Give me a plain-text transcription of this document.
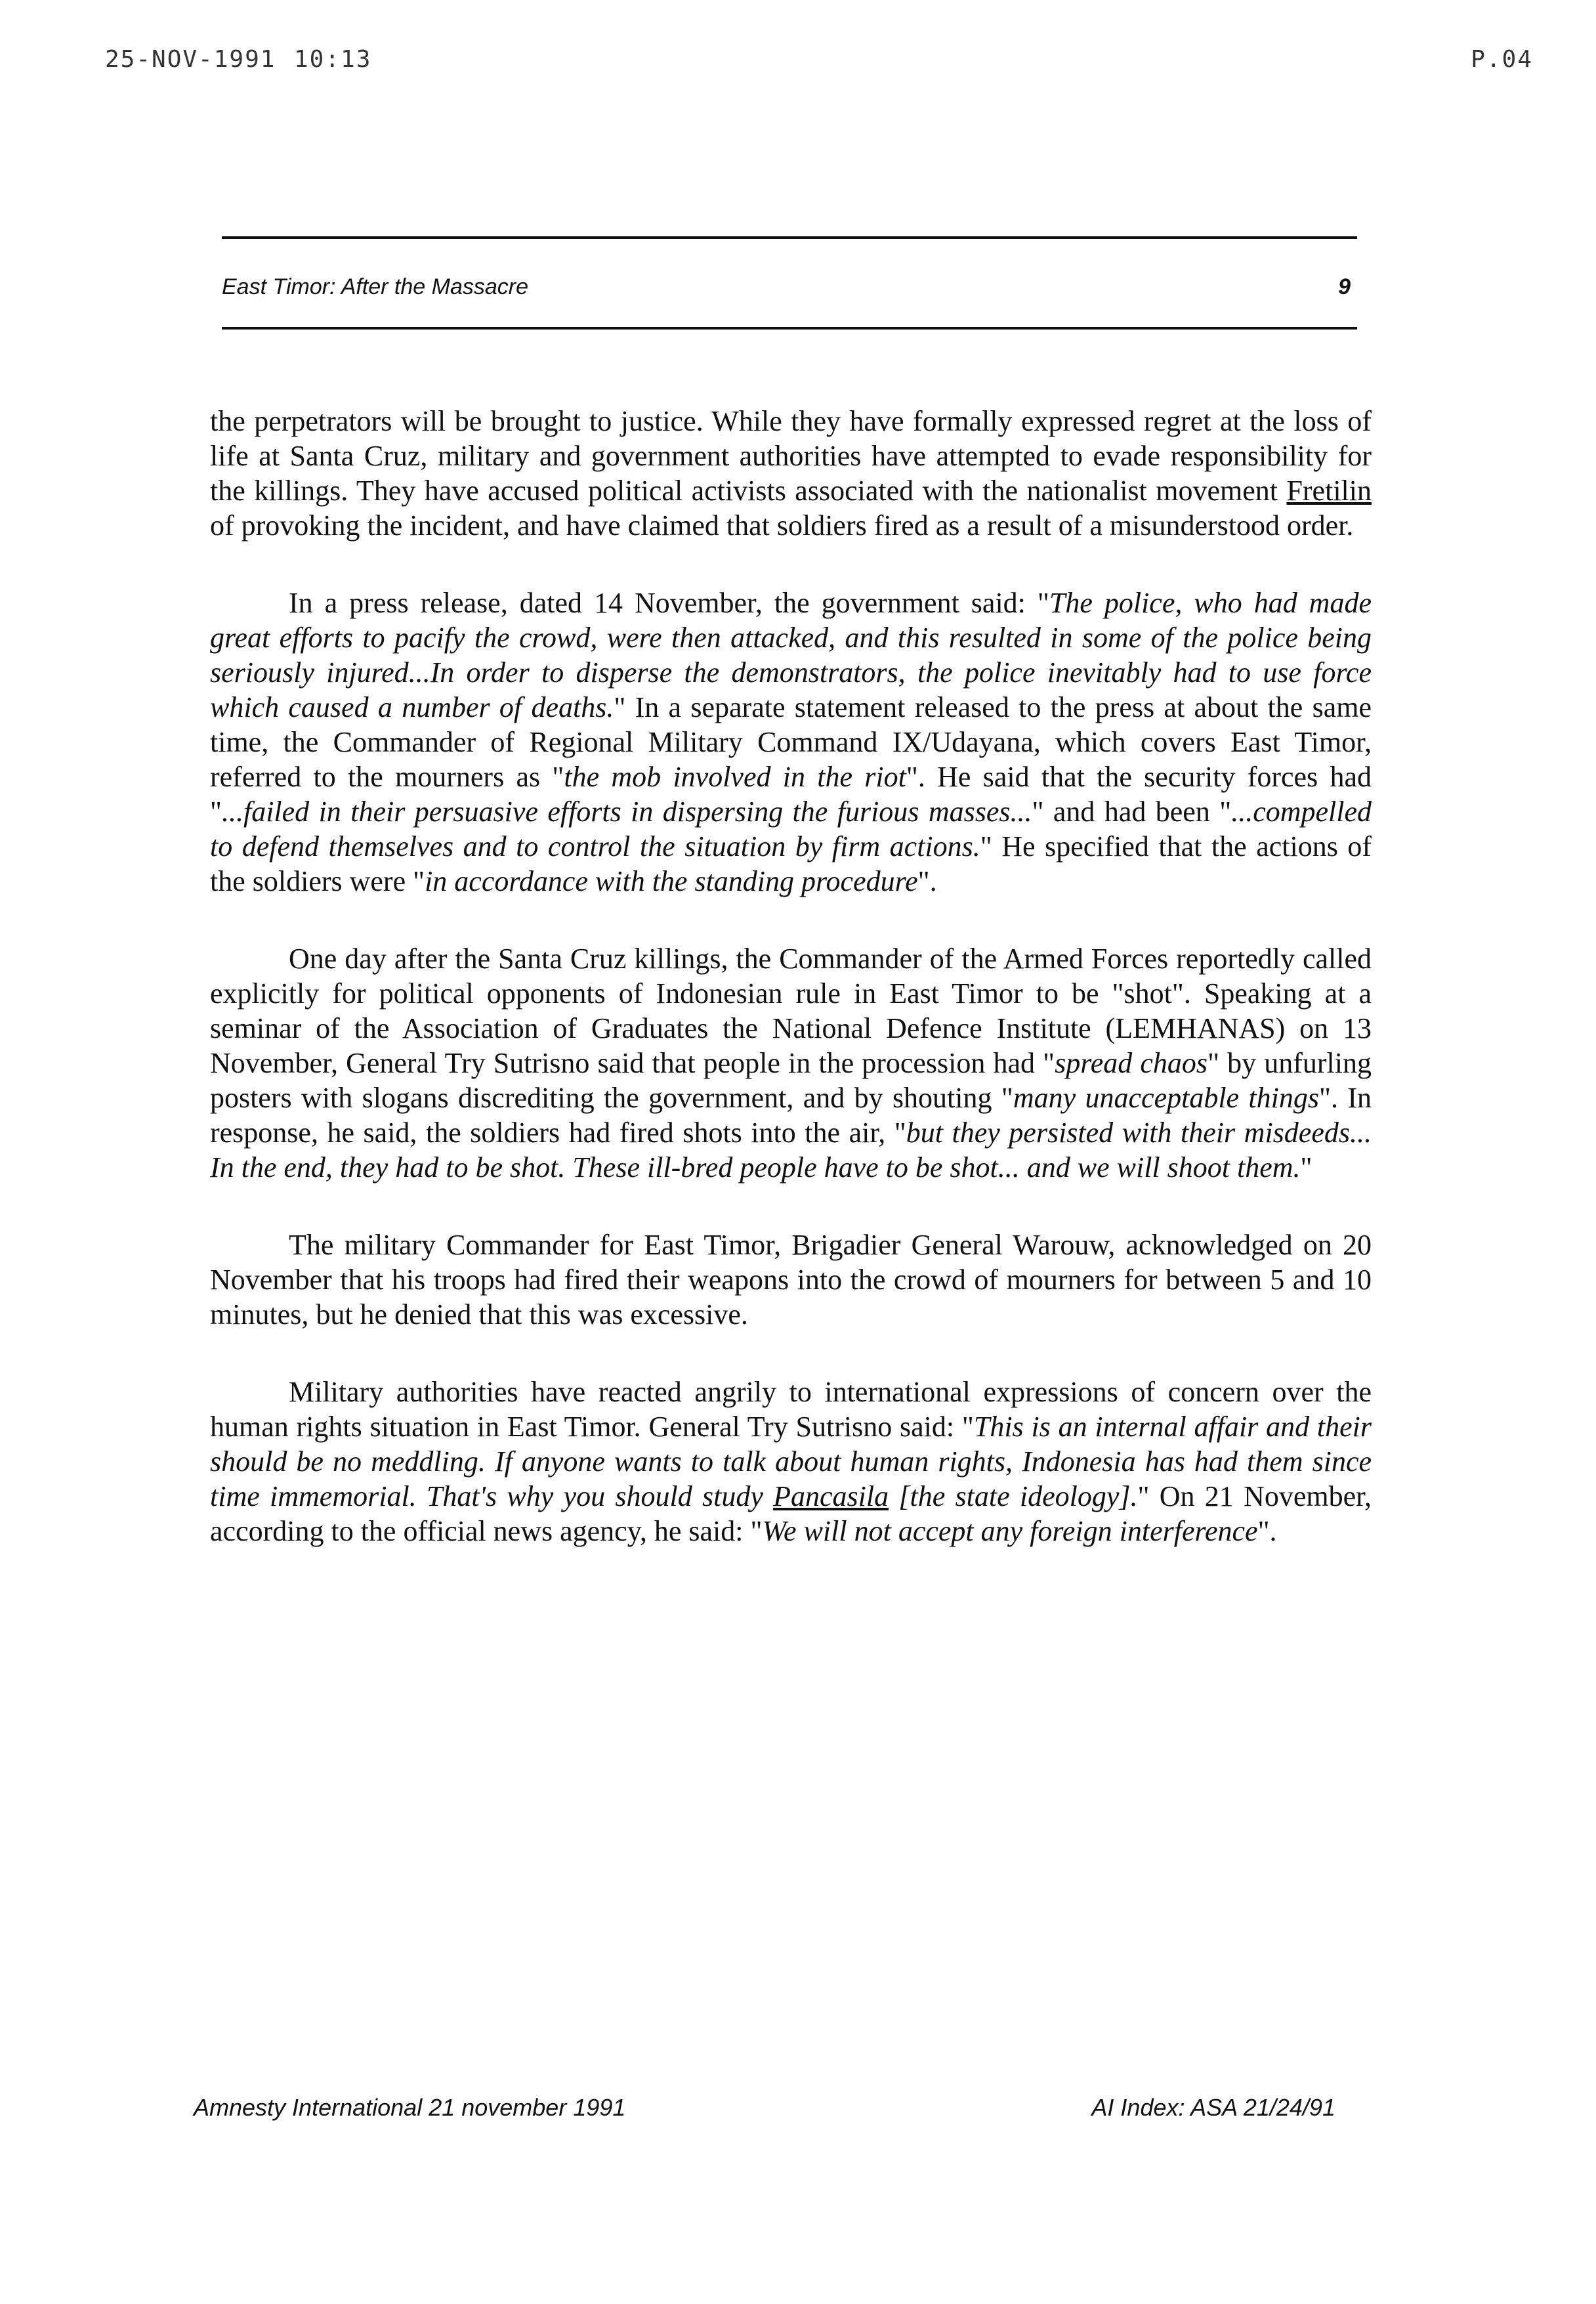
25-NOV-1991 10:13	P.04
East Timor: After the Massacre	9

the perpetrators will be brought to justice. While they have formally expressed regret at the loss of life at Santa Cruz, military and government authorities have attempted to evade responsibility for the killings. They have accused political activists associated with the nationalist movement Fretilin of provoking the incident, and have claimed that soldiers fired as a result of a misunderstood order.

In a press release, dated 14 November, the government said: "The police, who had made great efforts to pacify the crowd, were then attacked, and this resulted in some of the police being seriously injured...In order to disperse the demonstrators, the police inevitably had to use force which caused a number of deaths." In a separate statement released to the press at about the same time, the Commander of Regional Military Command IX/Udayana, which covers East Timor, referred to the mourners as "the mob involved in the riot". He said that the security forces had "...failed in their persuasive efforts in dispersing the furious masses..." and had been "...compelled to defend themselves and to control the situation by firm actions." He specified that the actions of the soldiers were "in accordance with the standing procedure".

One day after the Santa Cruz killings, the Commander of the Armed Forces reportedly called explicitly for political opponents of Indonesian rule in East Timor to be "shot". Speaking at a seminar of the Association of Graduates the National Defence Institute (LEMHANAS) on 13 November, General Try Sutrisno said that people in the procession had "spread chaos" by unfurling posters with slogans discrediting the government, and by shouting "many unacceptable things". In response, he said, the soldiers had fired shots into the air, "but they persisted with their misdeeds... In the end, they had to be shot. These ill-bred people have to be shot... and we will shoot them."

The military Commander for East Timor, Brigadier General Warouw, acknowledged on 20 November that his troops had fired their weapons into the crowd of mourners for between 5 and 10 minutes, but he denied that this was excessive.

Military authorities have reacted angrily to international expressions of concern over the human rights situation in East Timor. General Try Sutrisno said: "This is an internal affair and their should be no meddling. If anyone wants to talk about human rights, Indonesia has had them since time immemorial. That's why you should study Pancasila [the state ideology]." On 21 November, according to the official news agency, he said: "We will not accept any foreign interference".

Amnesty International 21 november 1991	AI Index: ASA 21/24/91
